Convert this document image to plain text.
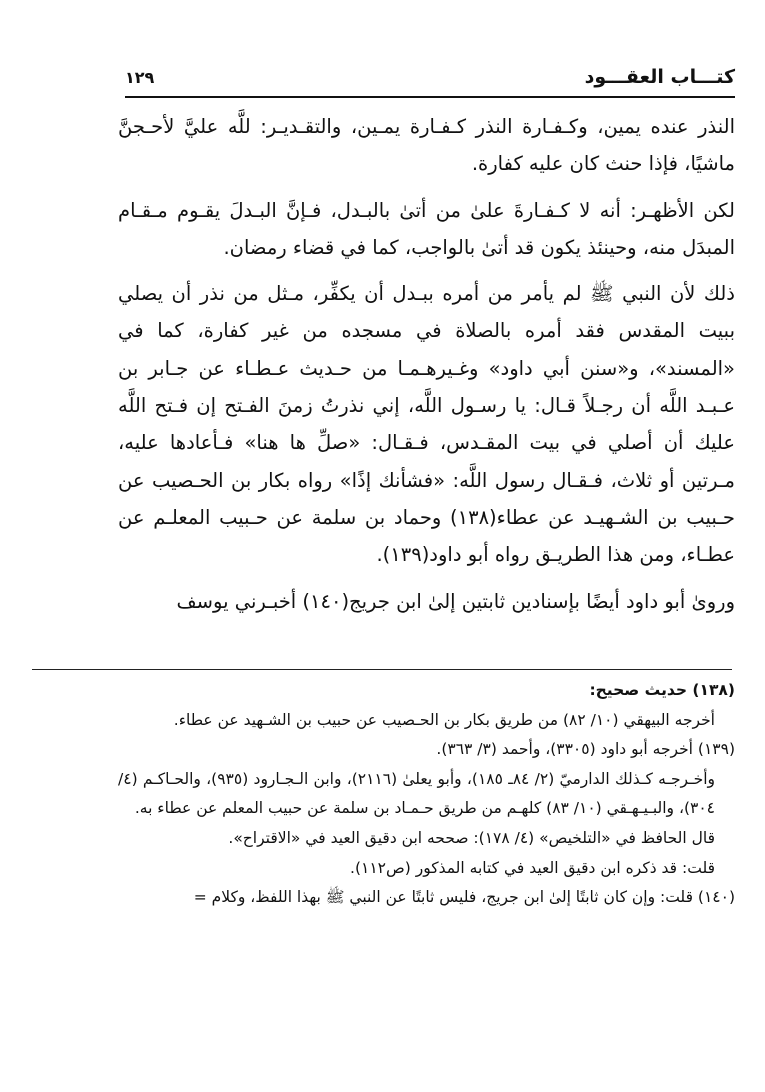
كتـــاب العقـــود
١٢٩

النذر عنده يمين، وكـفـارة النذر كـفـارة يمـين، والتقـديـر: للَّه عليَّ لأحـجنَّ ماشيًا، فإذا حنث كان عليه كفارة.

لكن الأظهـر: أنه لا كـفـارةَ علىٰ من أتىٰ بالبـدل، فـإنَّ البـدلَ يقـوم مـقـام المبدَل منه، وحينئذ يكون قد أتىٰ بالواجب، كما في قضاء رمضان.

ذلك لأن النبي ﷺ لم يأمر من أمره ببـدل أن يكفِّر، مـثل من نذر أن يصلي ببيت المقدس فقد أمره بالصلاة في مسجده من غير كفارة، كما في «المسند»، و«سنن أبي داود» وغـيرهـمـا من حـديث عـطـاء عن جـابر بن عـبـد اللَّه أن رجـلاً قـال: يا رسـول اللَّه، إني نذرتُ زمنَ الفـتح إن فـتح اللَّه عليك أن أصلي في بيت المقـدس، فـقـال: «صلِّ ها هنا» فـأعادها عليه، مـرتين أو ثلاث، فـقـال رسول اللَّه: «فشأنك إذًا» رواه بكار بن الحـصيب عن حـبيب بن الشـهيـد عن عطاء(١٣٨) وحماد بن سلمة عن حـبيب المعلـم عن عطـاء، ومن هذا الطريـق رواه أبو داود(١٣٩).

وروىٰ أبو داود أيضًا بإسنادين ثابتين إلىٰ ابن جريج(١٤٠) أخبـرني يوسف

(١٣٨) حديث صحيح:

أخرجه البيهقي (١٠/ ٨٢) من طريق بكار بن الحـصيب عن حبيب بن الشـهيد عن عطاء.

(١٣٩) أخرجه أبو داود (٣٣٠٥)، وأحمد (٣/ ٣٦٣).

وأخـرجـه كـذلك الدارميّ (٢/ ٨٤ـ ١٨٥)، وأبو يعلىٰ (٢١١٦)، وابن الـجـارود (٩٣٥)، والحـاكـم (٤/ ٣٠٤)، والبـيـهـقي (١٠/ ٨٣) كلهـم من طريق حـمـاد بن سلمة عن حبيب المعلم عن عطاء به.

قال الحافظ في «التلخيص» (٤/ ١٧٨): صححه ابن دقيق العيد في «الاقتراح».

قلت: قد ذكره ابن دقيق العيد في كتابه المذكور (ص١١٢).

(١٤٠) قلت: وإن كان ثابتًا إلىٰ ابن جريج، فليس ثابتًا عن النبي ﷺ بهذا اللفظ، وكلام =
